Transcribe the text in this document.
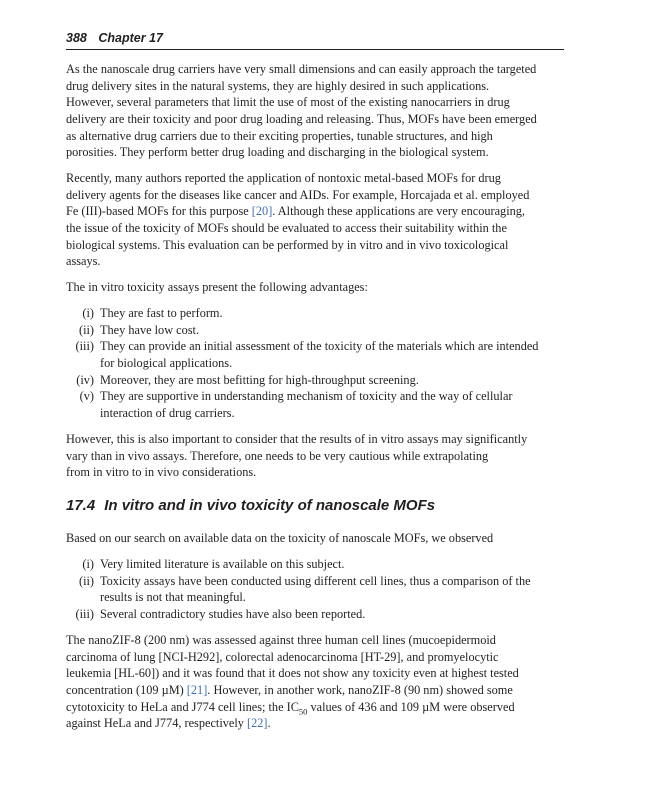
388 Chapter 17
As the nanoscale drug carriers have very small dimensions and can easily approach the targeted
drug delivery sites in the natural systems, they are highly desired in such applications.
However, several parameters that limit the use of most of the existing nanocarriers in drug
delivery are their toxicity and poor drug loading and releasing. Thus, MOFs have been emerged
as alternative drug carriers due to their exciting properties, tunable structures, and high
porosities. They perform better drug loading and discharging in the biological system.
Recently, many authors reported the application of nontoxic metal-based MOFs for drug
delivery agents for the diseases like cancer and AIDs. For example, Horcajada et al. employed
Fe (III)-based MOFs for this purpose [20]. Although these applications are very encouraging,
the issue of the toxicity of MOFs should be evaluated to access their suitability within the
biological systems. This evaluation can be performed by in vitro and in vivo toxicological
assays.
The in vitro toxicity assays present the following advantages:
(i) They are fast to perform.
(ii) They have low cost.
(iii) They can provide an initial assessment of the toxicity of the materials which are intended
for biological applications.
(iv) Moreover, they are most befitting for high-throughput screening.
(v) They are supportive in understanding mechanism of toxicity and the way of cellular
interaction of drug carriers.
However, this is also important to consider that the results of in vitro assays may significantly
vary than in vivo assays. Therefore, one needs to be very cautious while extrapolating
from in vitro to in vivo considerations.
17.4 In vitro and in vivo toxicity of nanoscale MOFs
Based on our search on available data on the toxicity of nanoscale MOFs, we observed
(i) Very limited literature is available on this subject.
(ii) Toxicity assays have been conducted using different cell lines, thus a comparison of the
results is not that meaningful.
(iii) Several contradictory studies have also been reported.
The nanoZIF-8 (200 nm) was assessed against three human cell lines (mucoepidermoid
carcinoma of lung [NCI-H292], colorectal adenocarcinoma [HT-29], and promyelocytic
leukemia [HL-60]) and it was found that it does not show any toxicity even at highest tested
concentration (109 µM) [21]. However, in another work, nanoZIF-8 (90 nm) showed some
cytotoxicity to HeLa and J774 cell lines; the $IC_{50}$ values of 436 and 109 µM were observed
against HeLa and J774, respectively [22].
